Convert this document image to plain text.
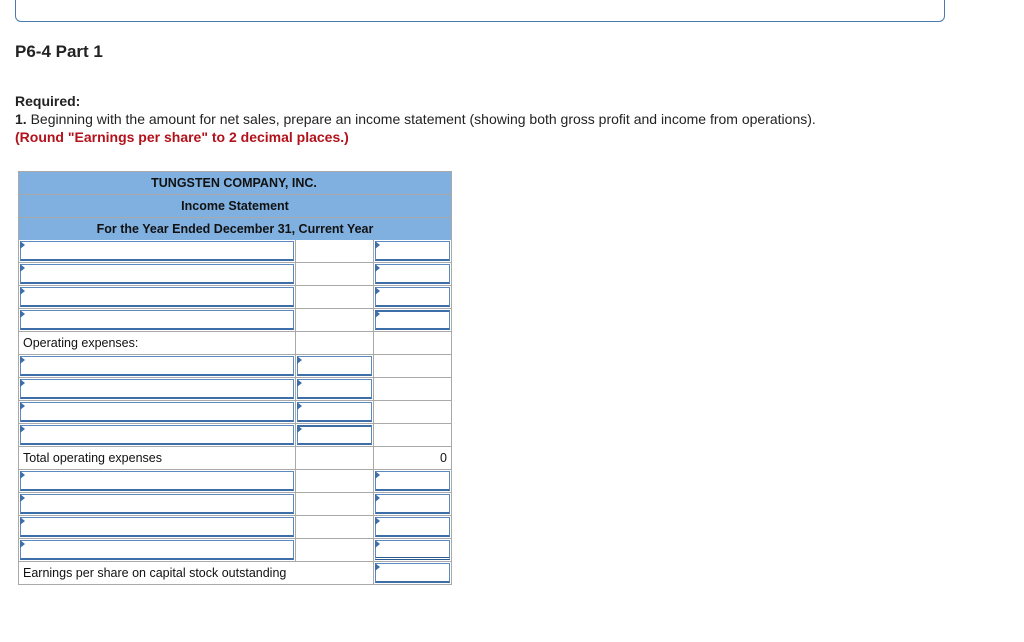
P6-4 Part 1
Required:
1. Beginning with the amount for net sales, prepare an income statement (showing both gross profit and income from operations).
(Round "Earnings per share" to 2 decimal places.)
TUNGSTEN COMPANY, INC.
Income Statement
For the Year Ended December 31, Current Year
Operating expenses:
Total operating expenses	0
Earnings per share on capital stock outstanding
